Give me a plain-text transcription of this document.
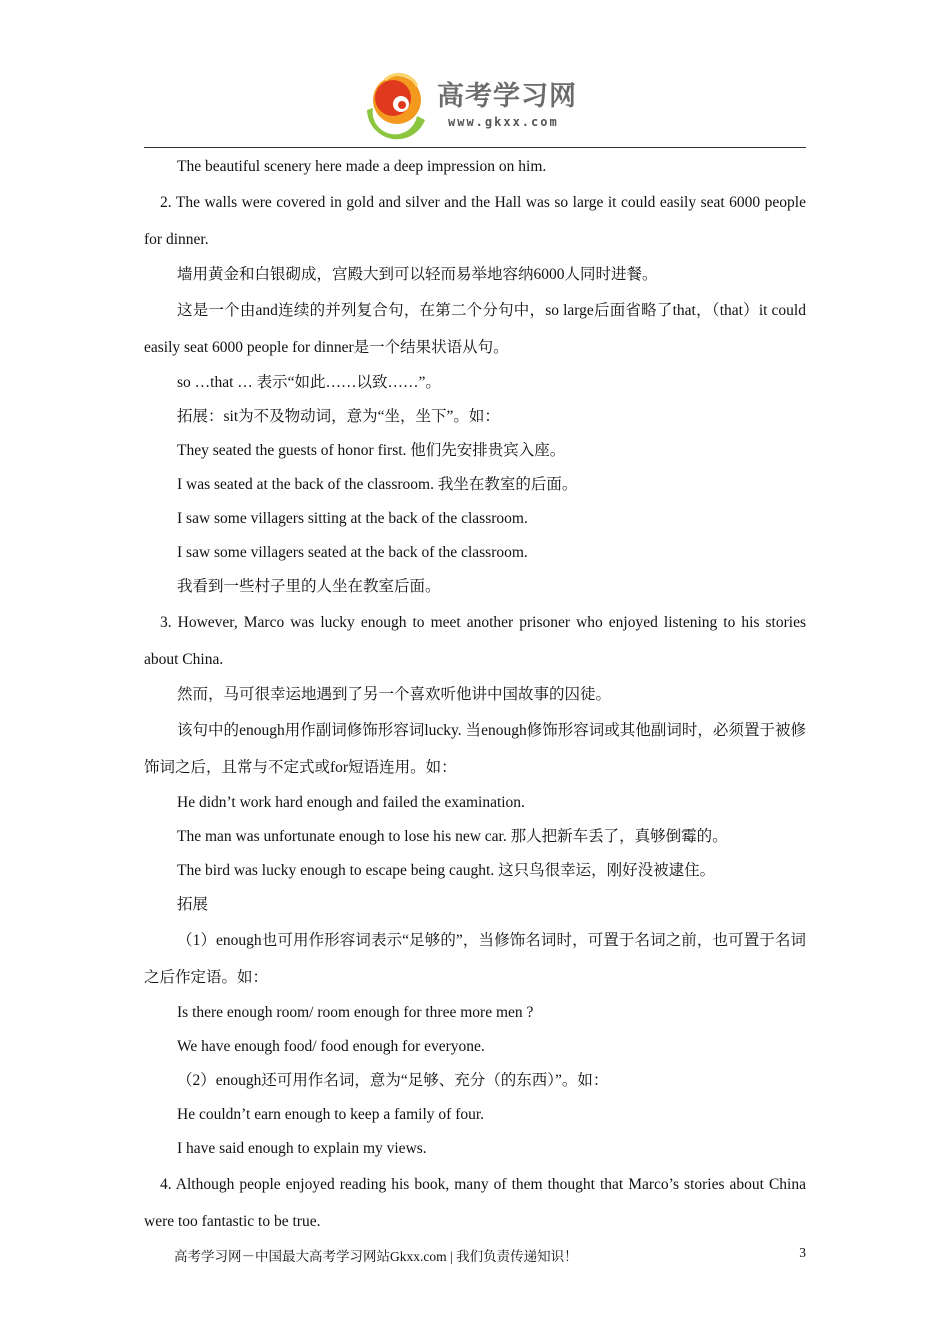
高考学习网
www.gkxx.com
The beautiful scenery here made a deep impression on him.
2. The walls were covered in gold and silver and the Hall was so large it could easily seat 6000 people for dinner.
墙用黄金和白银砌成，宫殿大到可以轻而易举地容纳6000人同时进餐。
这是一个由and连续的并列复合句，在第二个分句中，so large后面省略了that，（that）it could easily seat 6000 people for dinner是一个结果状语从句。
so …that … 表示“如此……以致……”。
拓展：sit为不及物动词，意为“坐，坐下”。如：
They seated the guests of honor first. 他们先安排贵宾入座。
I was seated at the back of the classroom. 我坐在教室的后面。
I saw some villagers sitting at the back of the classroom.
I saw some villagers seated at the back of the classroom.
我看到一些村子里的人坐在教室后面。
3. However, Marco was lucky enough to meet another prisoner who enjoyed listening to his stories about China.
然而，马可很幸运地遇到了另一个喜欢听他讲中国故事的囚徒。
该句中的enough用作副词修饰形容词lucky. 当enough修饰形容词或其他副词时，必须置于被修饰词之后，且常与不定式或for短语连用。如：
He didn’t work hard enough and failed the examination.
The man was unfortunate enough to lose his new car. 那人把新车丢了，真够倒霉的。
The bird was lucky enough to escape being caught. 这只鸟很幸运，刚好没被逮住。
拓展
（1）enough也可用作形容词表示“足够的”，当修饰名词时，可置于名词之前，也可置于名词之后作定语。如：
Is there enough room/ room enough for three more men ?
We have enough food/ food enough for everyone.
（2）enough还可用作名词，意为“足够、充分（的东西）”。如：
He couldn’t earn enough to keep a family of four.
I have said enough to explain my views.
4. Although people enjoyed reading his book, many of them thought that Marco’s stories about China were too fantastic to be true.
高考学习网－中国最大高考学习网站Gkxx.com | 我们负责传递知识！	3
